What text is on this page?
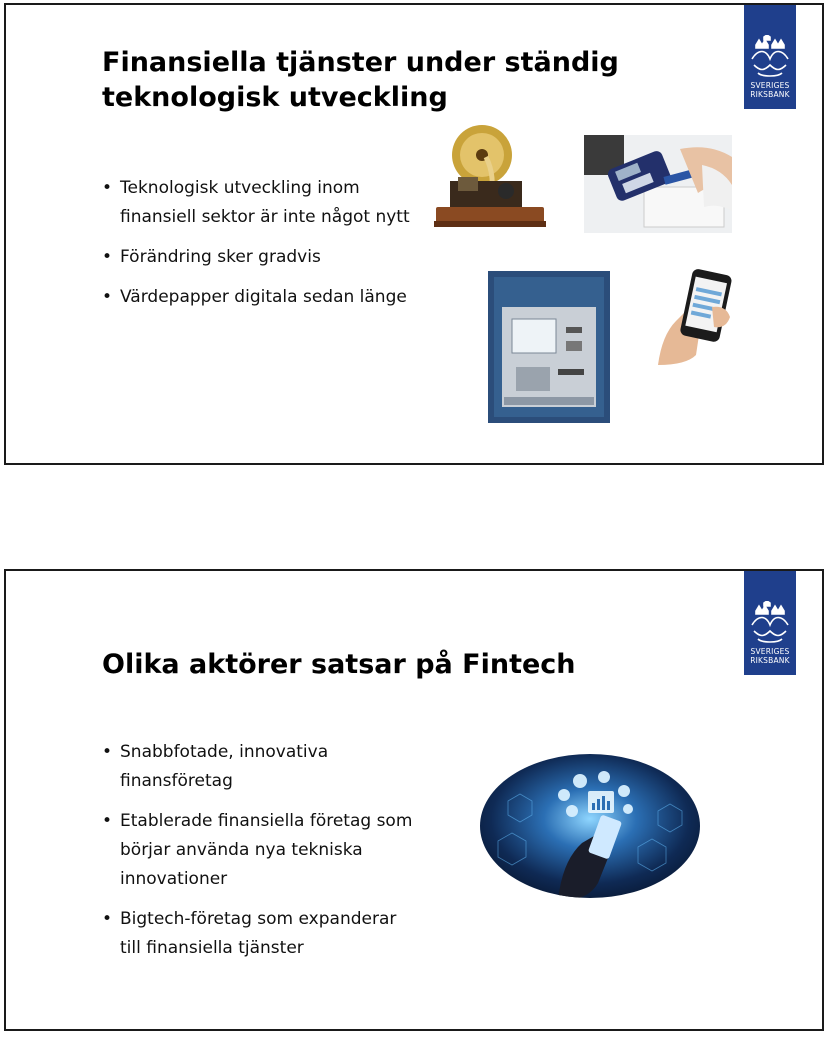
SVERIGES
RIKSBANK
Finansiella tjänster under ständig teknologisk utveckling
• Teknologisk utveckling inom finansiell sektor är inte något nytt
• Förändring sker gradvis
• Värdepapper digitala sedan länge
SVERIGES
RIKSBANK
Olika aktörer satsar på Fintech
• Snabbfotade, innovativa finansföretag
• Etablerade finansiella företag som börjar använda nya tekniska innovationer
• Bigtech-företag som expanderar till finansiella tjänster
